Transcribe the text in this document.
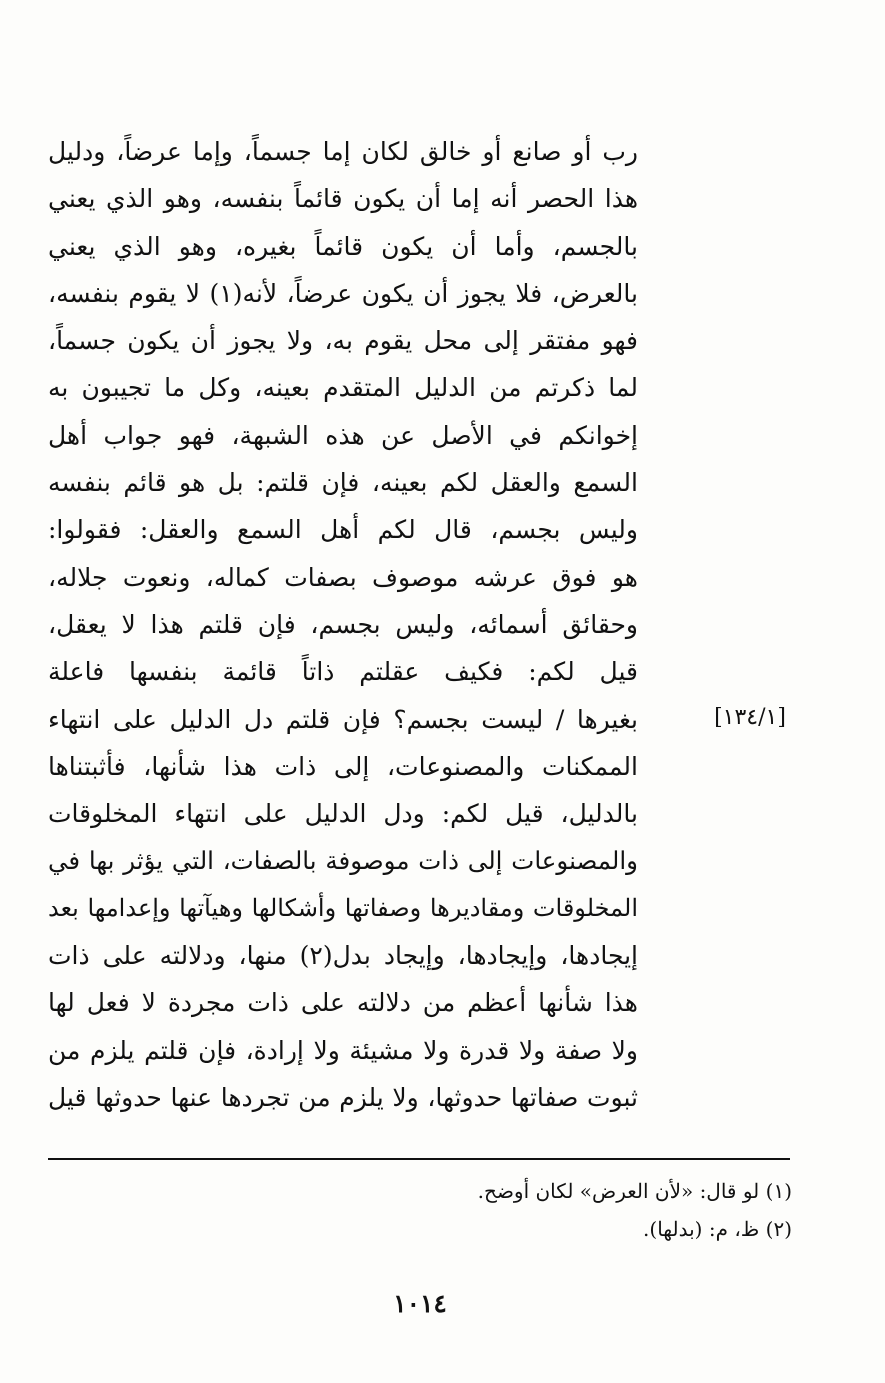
رب أو صانع أو خالق لكان إما جسماً، وإما عرضاً، ودليل
هذا الحصر أنه إما أن يكون قائماً بنفسه، وهو الذي يعني
بالجسم، وأما أن يكون قائماً بغيره، وهو الذي يعني
بالعرض، فلا يجوز أن يكون عرضاً، لأنه(١) لا يقوم بنفسه،
فهو مفتقر إلى محل يقوم به، ولا يجوز أن يكون جسماً،
لما ذكرتم من الدليل المتقدم بعينه، وكل ما تجيبون به
إخوانكم في الأصل عن هذه الشبهة، فهو جواب أهل
السمع والعقل لكم بعينه، فإن قلتم: بل هو قائم بنفسه
وليس بجسم، قال لكم أهل السمع والعقل: فقولوا:
هو فوق عرشه موصوف بصفات كماله، ونعوت جلاله،
وحقائق أسمائه، وليس بجسم، فإن قلتم هذا لا يعقل،
قيل لكم: فكيف عقلتم ذاتاً قائمة بنفسها فاعلة
بغيرها / ليست بجسم؟ فإن قلتم دل الدليل على انتهاء
الممكنات والمصنوعات، إلى ذات هذا شأنها، فأثبتناها
بالدليل، قيل لكم: ودل الدليل على انتهاء المخلوقات
والمصنوعات إلى ذات موصوفة بالصفات، التي يؤثر بها في
المخلوقات ومقاديرها وصفاتها وأشكالها وهيآتها وإعدامها بعد
إيجادها، وإيجادها، وإيجاد بدل(٢) منها، ودلالته على ذات
هذا شأنها أعظم من دلالته على ذات مجردة لا فعل لها
ولا صفة ولا قدرة ولا مشيئة ولا إرادة، فإن قلتم يلزم من
ثبوت صفاتها حدوثها، ولا يلزم من تجردها عنها حدوثها قيل
[١٣٤/١]
(١) لو قال: «لأن العرض» لكان أوضح.
(٢) ظ، م: (بدلها).
١٠١٤
